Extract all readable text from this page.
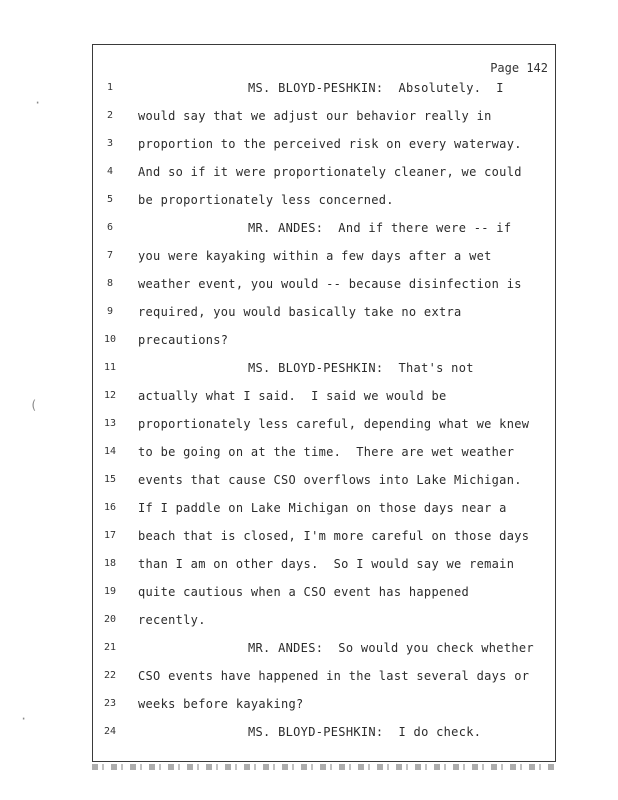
Page 142
1
2
3
4
5
6
7
8
9
10
11
12
13
14
15
16
17
18
19
20
21
22
23
24
MS. BLOYD-PESHKIN:  Absolutely.  I
would say that we adjust our behavior really in
proportion to the perceived risk on every waterway.
And so if it were proportionately cleaner, we could
be proportionately less concerned.
MR. ANDES:  And if there were -- if
you were kayaking within a few days after a wet
weather event, you would -- because disinfection is
required, you would basically take no extra
precautions?
MS. BLOYD-PESHKIN:  That's not
actually what I said.  I said we would be
proportionately less careful, depending what we knew
to be going on at the time.  There are wet weather
events that cause CSO overflows into Lake Michigan.
If I paddle on Lake Michigan on those days near a
beach that is closed, I'm more careful on those days
than I am on other days.  So I would say we remain
quite cautious when a CSO event has happened
recently.
MR. ANDES:  So would you check whether
CSO events have happened in the last several days or
weeks before kayaking?
MS. BLOYD-PESHKIN:  I do check.
·
(
·
